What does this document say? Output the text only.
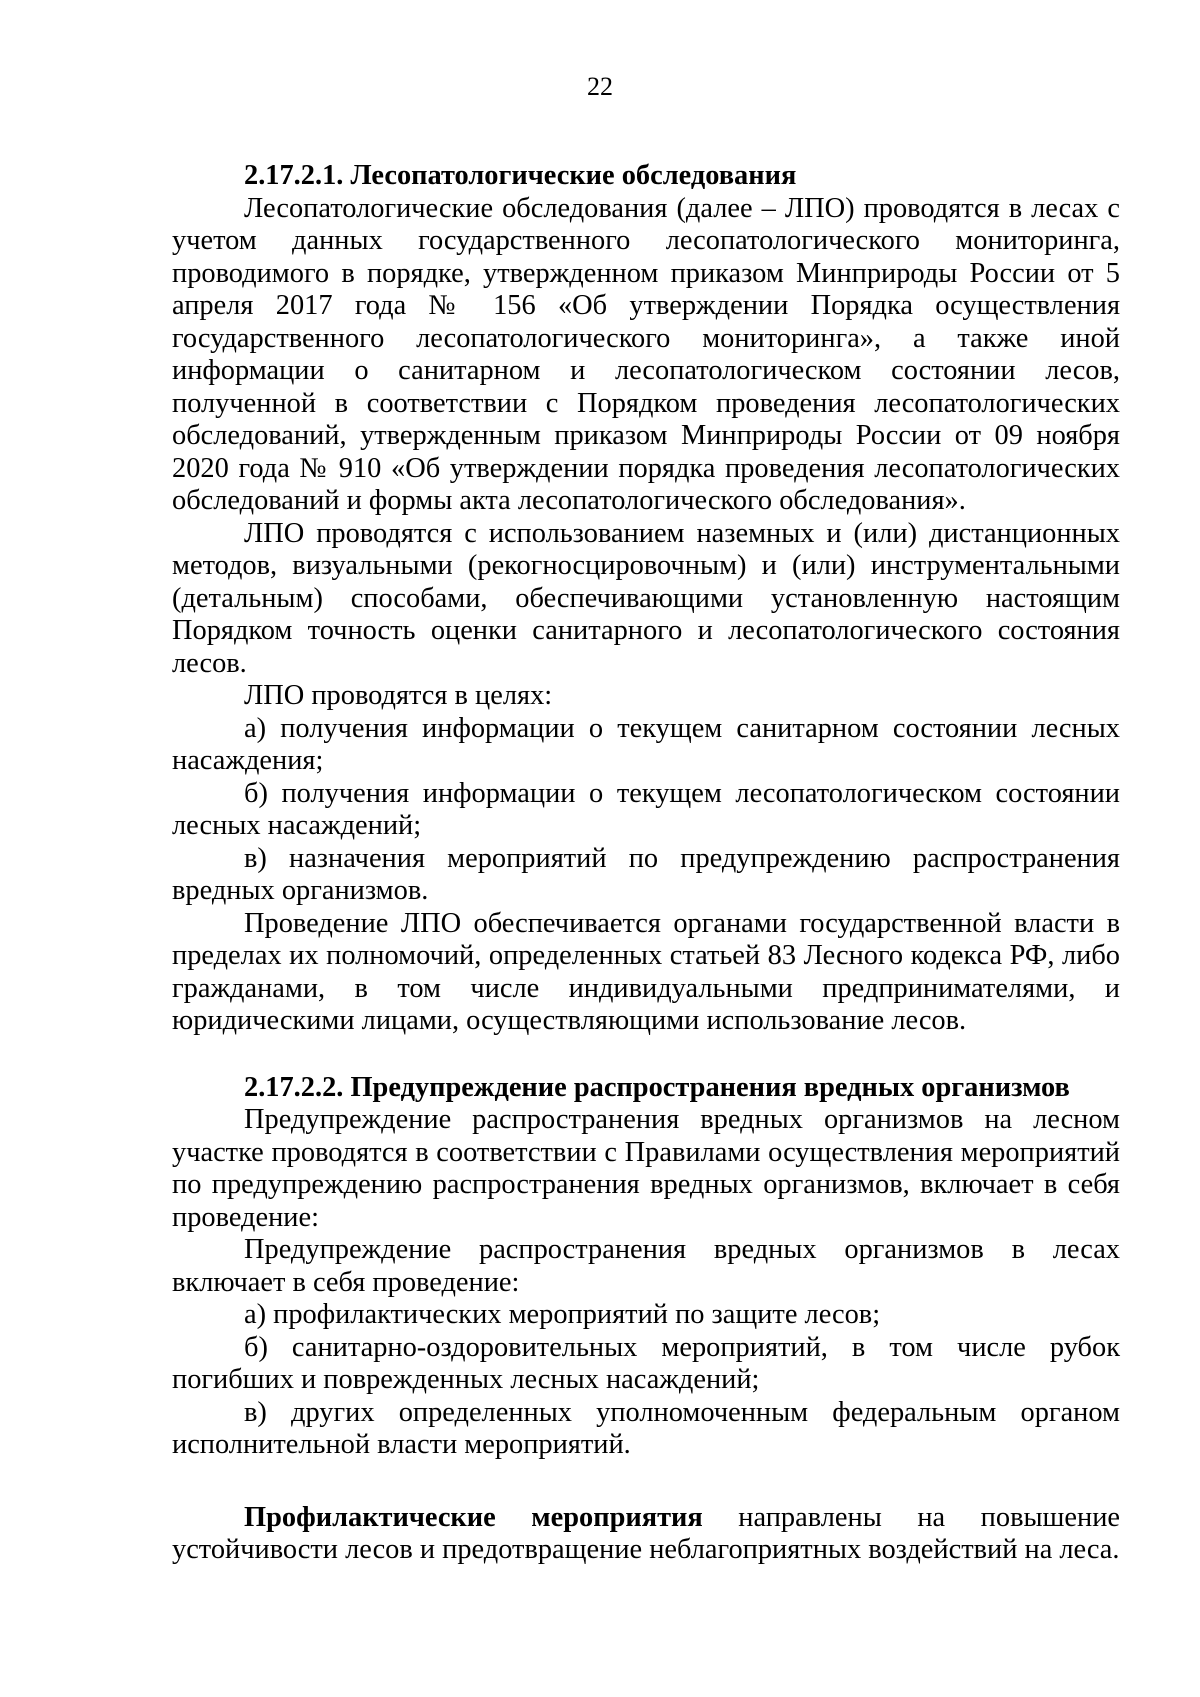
22

2.17.2.1. Лесопатологические обследования

Лесопатологические обследования (далее – ЛПО) проводятся в лесах с учетом данных государственного лесопатологического мониторинга, проводимого в порядке, утвержденном приказом Минприроды России от 5 апреля 2017 года № 156 «Об утверждении Порядка осуществления государственного лесопатологического мониторинга», а также иной информации о санитарном и лесопатологическом состоянии лесов, полученной в соответствии с Порядком проведения лесопатологических обследований, утвержденным приказом Минприроды России от 09 ноября 2020 года № 910 «Об утверждении порядка проведения лесопатологических обследований и формы акта лесопатологического обследования».

ЛПО проводятся с использованием наземных и (или) дистанционных методов, визуальными (рекогносцировочным) и (или) инструментальными (детальным) способами, обеспечивающими установленную настоящим Порядком точность оценки санитарного и лесопатологического состояния лесов.

ЛПО проводятся в целях:

а) получения информации о текущем санитарном состоянии лесных насаждения;

б) получения информации о текущем лесопатологическом состоянии лесных насаждений;

в) назначения мероприятий по предупреждению распространения вредных организмов.

Проведение ЛПО обеспечивается органами государственной власти в пределах их полномочий, определенных статьей 83 Лесного кодекса РФ, либо гражданами, в том числе индивидуальными предпринимателями, и юридическими лицами, осуществляющими использование лесов.

2.17.2.2. Предупреждение распространения вредных организмов

Предупреждение распространения вредных организмов на лесном участке проводятся в соответствии с Правилами осуществления мероприятий по предупреждению распространения вредных организмов, включает в себя проведение:

Предупреждение распространения вредных организмов в лесах включает в себя проведение:

а) профилактических мероприятий по защите лесов;

б) санитарно-оздоровительных мероприятий, в том числе рубок погибших и поврежденных лесных насаждений;

в) других определенных уполномоченным федеральным органом исполнительной власти мероприятий.

Профилактические мероприятия направлены на повышение устойчивости лесов и предотвращение неблагоприятных воздействий на леса.
